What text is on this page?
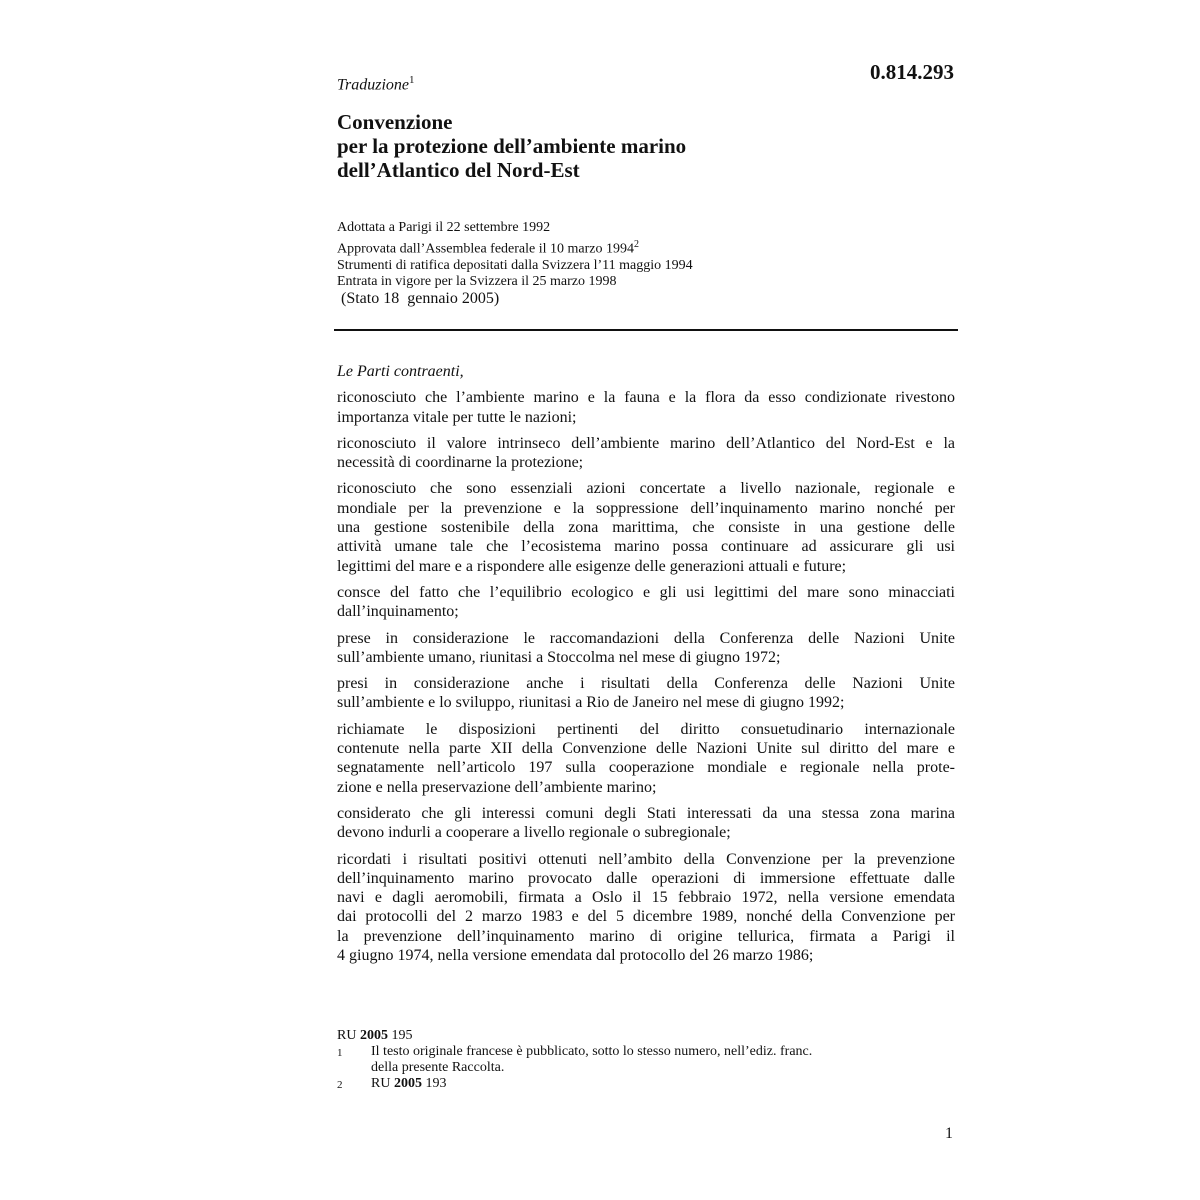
0.814.293
Traduzione$^1$
Convenzione
per la protezione dell’ambiente marino
dell’Atlantico del Nord-Est
Adottata a Parigi il 22 settembre 1992
Approvata dall’Assemblea federale il 10 marzo 1994$^2$
Strumenti di ratifica depositati dalla Svizzera l’11 maggio 1994
Entrata in vigore per la Svizzera il 25 marzo 1998
(Stato 18  gennaio 2005)

Le Parti contraenti,

riconosciuto che l’ambiente marino e la fauna e la flora da esso condizionate rivestono
importanza vitale per tutte le nazioni;

riconosciuto il valore intrinseco dell’ambiente marino dell’Atlantico del Nord-Est e la
necessità di coordinarne la protezione;

riconosciuto che sono essenziali azioni concertate a livello nazionale, regionale e
mondiale per la prevenzione e la soppressione dell’inquinamento marino nonché per
una gestione sostenibile della zona marittima, che consiste in una gestione delle
attività umane tale che l’ecosistema marino possa continuare ad assicurare gli usi
legittimi del mare e a rispondere alle esigenze delle generazioni attuali e future;

consce del fatto che l’equilibrio ecologico e gli usi legittimi del mare sono minacciati
dall’inquinamento;

prese in considerazione le raccomandazioni della Conferenza delle Nazioni Unite
sull’ambiente umano, riunitasi a Stoccolma nel mese di giugno 1972;

presi in considerazione anche i risultati della Conferenza delle Nazioni Unite
sull’ambiente e lo sviluppo, riunitasi a Rio de Janeiro nel mese di giugno 1992;

richiamate le disposizioni pertinenti del diritto consuetudinario internazionale
contenute nella parte XII della Convenzione delle Nazioni Unite sul diritto del mare e
segnatamente nell’articolo 197 sulla cooperazione mondiale e regionale nella prote-
zione e nella preservazione dell’ambiente marino;

considerato che gli interessi comuni degli Stati interessati da una stessa zona marina
devono indurli a cooperare a livello regionale o subregionale;

ricordati i risultati positivi ottenuti nell’ambito della Convenzione per la prevenzione
dell’inquinamento marino provocato dalle operazioni di immersione effettuate dalle
navi e dagli aeromobili, firmata a Oslo il 15 febbraio 1972, nella versione emendata
dai protocolli del 2 marzo 1983 e del 5 dicembre 1989, nonché della Convenzione per
la prevenzione dell’inquinamento marino di origine tellurica, firmata a Parigi il
4 giugno 1974, nella versione emendata dal protocollo del 26 marzo 1986;

RU 2005 195
1	Il testo originale francese è pubblicato, sotto lo stesso numero, nell’ediz. franc.
della presente Raccolta.
2	RU 2005 193
1
